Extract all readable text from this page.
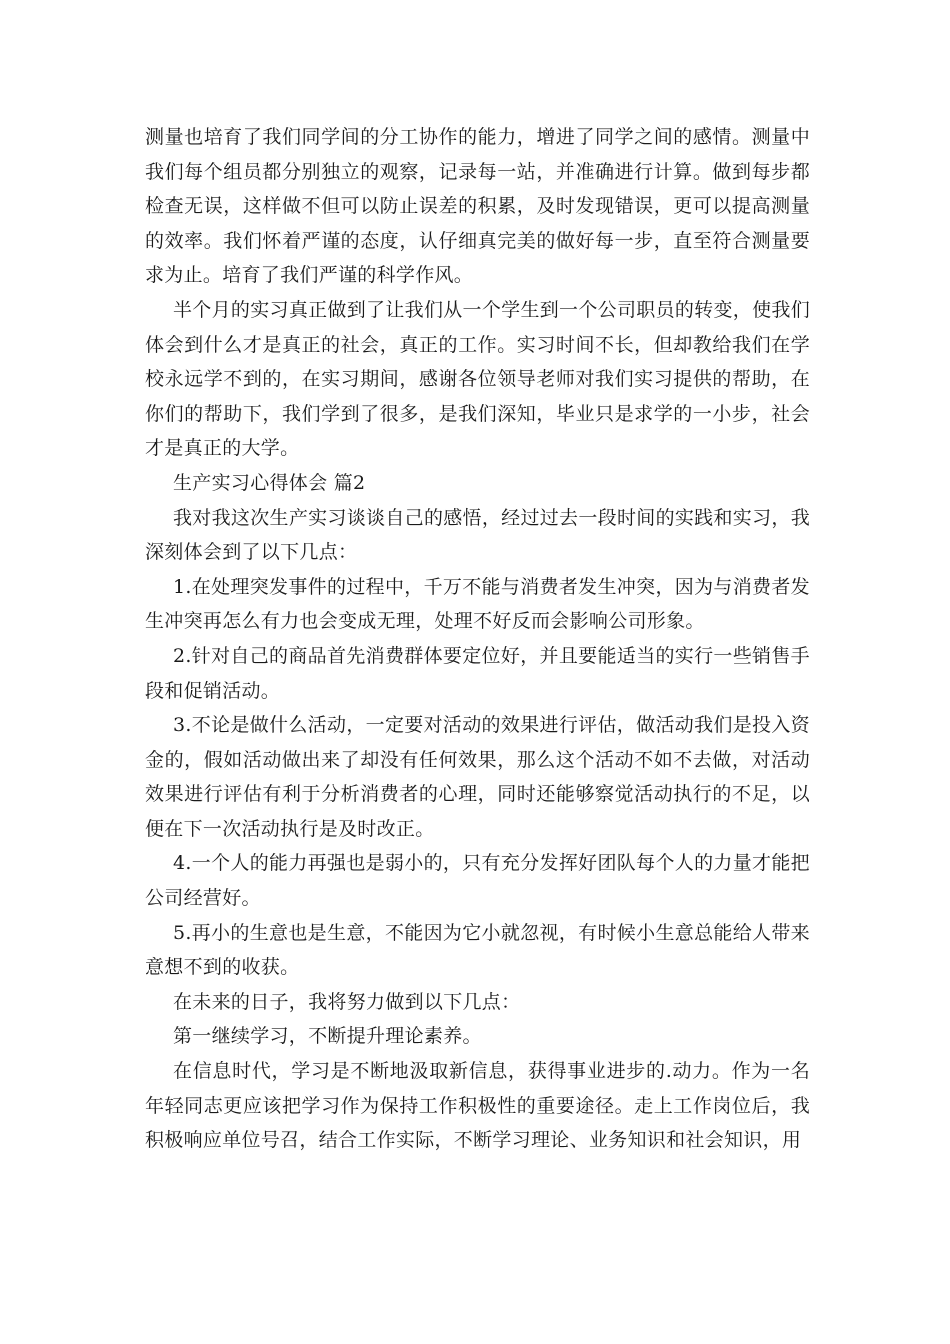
测量也培育了我们同学间的分工协作的能力，增进了同学之间的感情。测量中我们每个组员都分别独立的观察，记录每一站，并准确进行计算。做到每步都检查无误，这样做不但可以防止误差的积累，及时发现错误，更可以提高测量的效率。我们怀着严谨的态度，认仔细真完美的做好每一步，直至符合测量要求为止。培育了我们严谨的科学作风。

半个月的实习真正做到了让我们从一个学生到一个公司职员的转变，使我们体会到什么才是真正的社会，真正的工作。实习时间不长，但却教给我们在学校永远学不到的，在实习期间，感谢各位领导老师对我们实习提供的帮助，在你们的帮助下，我们学到了很多，是我们深知，毕业只是求学的一小步，社会才是真正的大学。

生产实习心得体会 篇2

我对我这次生产实习谈谈自己的感悟，经过过去一段时间的实践和实习，我深刻体会到了以下几点：

1.在处理突发事件的过程中，千万不能与消费者发生冲突，因为与消费者发生冲突再怎么有力也会变成无理，处理不好反而会影响公司形象。

2.针对自己的商品首先消费群体要定位好，并且要能适当的实行一些销售手段和促销活动。

3.不论是做什么活动，一定要对活动的效果进行评估，做活动我们是投入资金的，假如活动做出来了却没有任何效果，那么这个活动不如不去做，对活动效果进行评估有利于分析消费者的心理，同时还能够察觉活动执行的不足，以便在下一次活动执行是及时改正。

4.一个人的能力再强也是弱小的，只有充分发挥好团队每个人的力量才能把公司经营好。

5.再小的生意也是生意，不能因为它小就忽视，有时候小生意总能给人带来意想不到的收获。

在未来的日子，我将努力做到以下几点：

第一继续学习，不断提升理论素养。

在信息时代，学习是不断地汲取新信息，获得事业进步的.动力。作为一名年轻同志更应该把学习作为保持工作积极性的重要途径。走上工作岗位后，我积极响应单位号召，结合工作实际，不断学习理论、业务知识和社会知识，用
